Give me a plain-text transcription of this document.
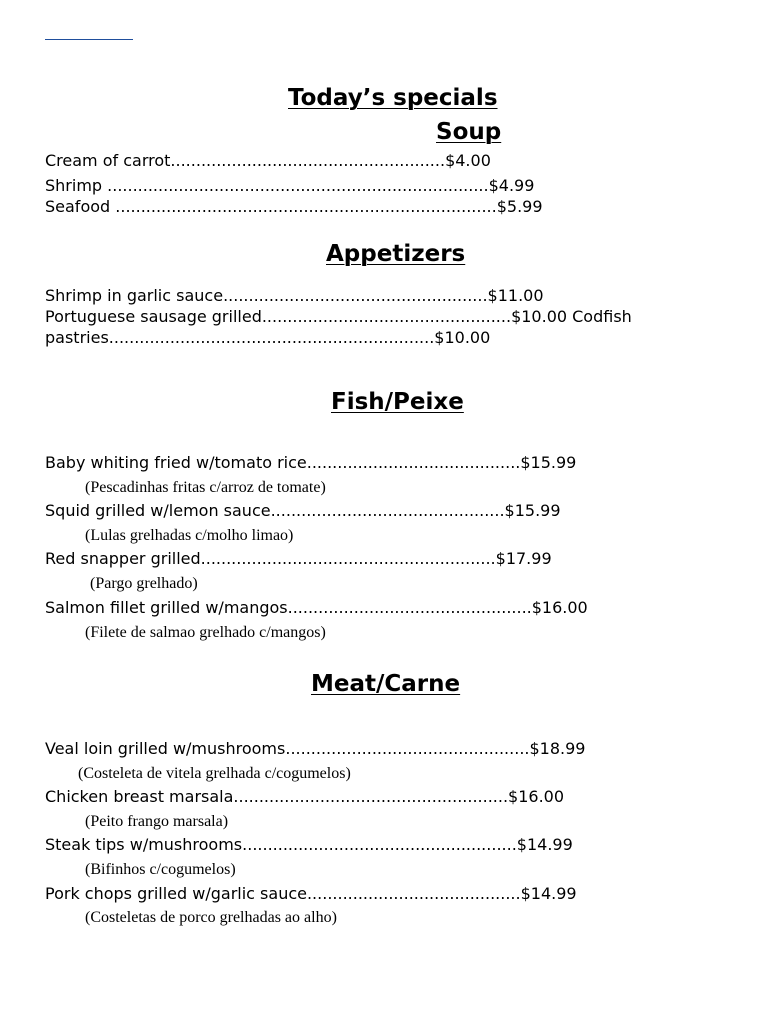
Today’s specials
Soup
Cream of carrot......................................................$4.00
Shrimp ...........................................................................$4.99
Seafood ...........................................................................$5.99
Appetizers
Shrimp in garlic sauce....................................................$11.00
Portuguese sausage grilled.................................................$10.00 Codfish
pastries................................................................$10.00
Fish/Peixe
Baby whiting fried w/tomato rice..........................................$15.99
(Pescadinhas fritas c/arroz de tomate)
Squid grilled w/lemon sauce..............................................$15.99
(Lulas grelhadas c/molho limao)
Red snapper grilled..........................................................$17.99
(Pargo grelhado)
Salmon fillet grilled w/mangos................................................$16.00
(Filete de salmao grelhado c/mangos)
Meat/Carne
Veal loin grilled w/mushrooms................................................$18.99
(Costeleta de vitela grelhada c/cogumelos)
Chicken breast marsala......................................................$16.00
(Peito frango marsala)
Steak tips w/mushrooms......................................................$14.99
(Bifinhos c/cogumelos)
Pork chops grilled w/garlic sauce..........................................$14.99
(Costeletas de porco grelhadas ao alho)
